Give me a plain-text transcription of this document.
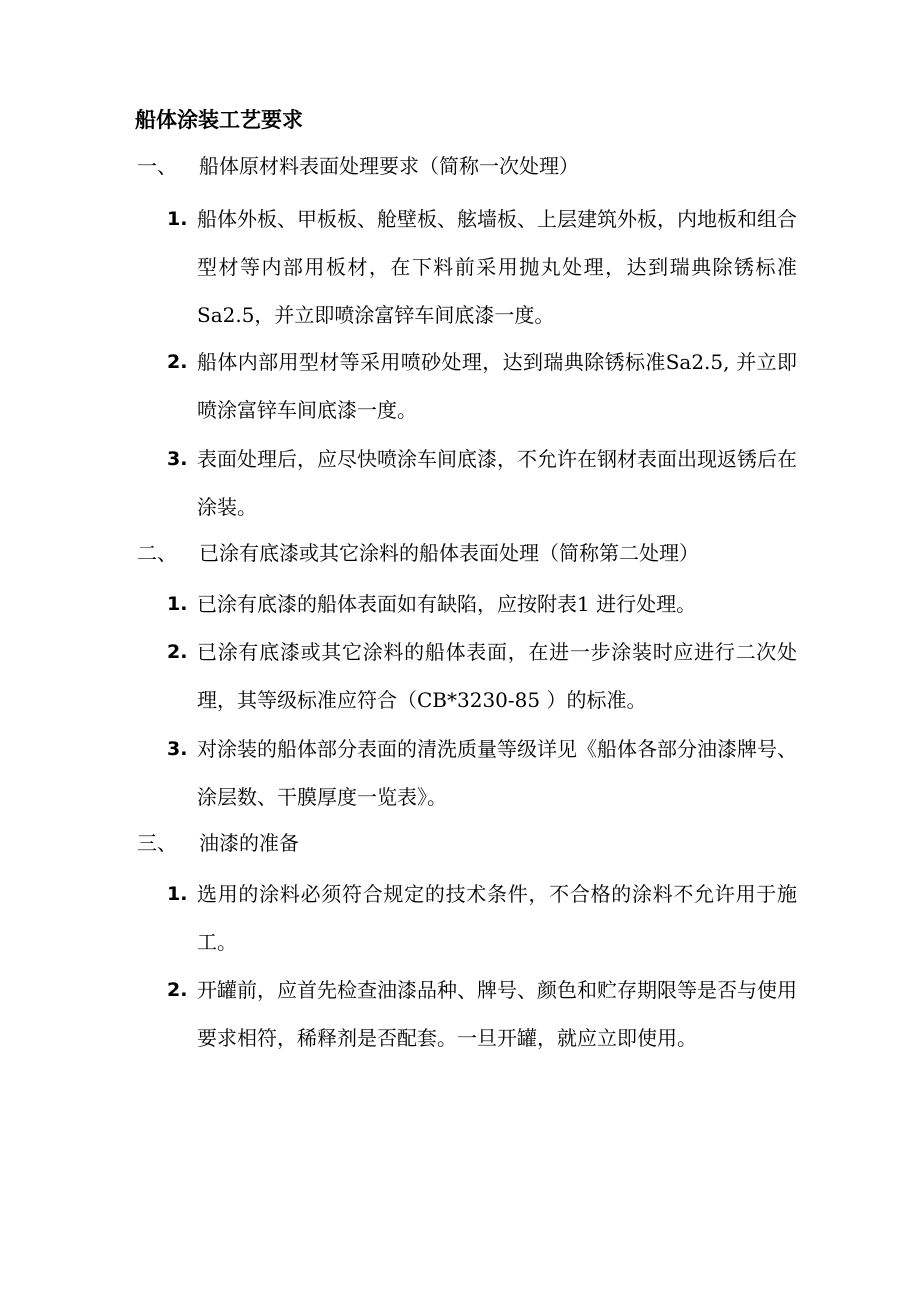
船体涂装工艺要求
一、 船体原材料表面处理要求（简称一次处理）
1. 船体外板、甲板板、舱壁板、舷墙板、上层建筑外板，内地板和组合型材等内部用板材，在下料前采用抛丸处理，达到瑞典除锈标准Sa2.5，并立即喷涂富锌车间底漆一度。
2. 船体内部用型材等采用喷砂处理，达到瑞典除锈标准Sa2.5, 并立即喷涂富锌车间底漆一度。
3. 表面处理后，应尽快喷涂车间底漆，不允许在钢材表面出现返锈后在涂装。
二、 已涂有底漆或其它涂料的船体表面处理（简称第二处理）
1. 已涂有底漆的船体表面如有缺陷，应按附表1 进行处理。
2. 已涂有底漆或其它涂料的船体表面，在进一步涂装时应进行二次处理，其等级标准应符合（CB*3230-85 ）的标准。
3. 对涂装的船体部分表面的清洗质量等级详见《船体各部分油漆牌号、涂层数、干膜厚度一览表》。
三、 油漆的准备
1. 选用的涂料必须符合规定的技术条件，不合格的涂料不允许用于施工。
2. 开罐前，应首先检查油漆品种、牌号、颜色和贮存期限等是否与使用要求相符，稀释剂是否配套。一旦开罐，就应立即使用。
